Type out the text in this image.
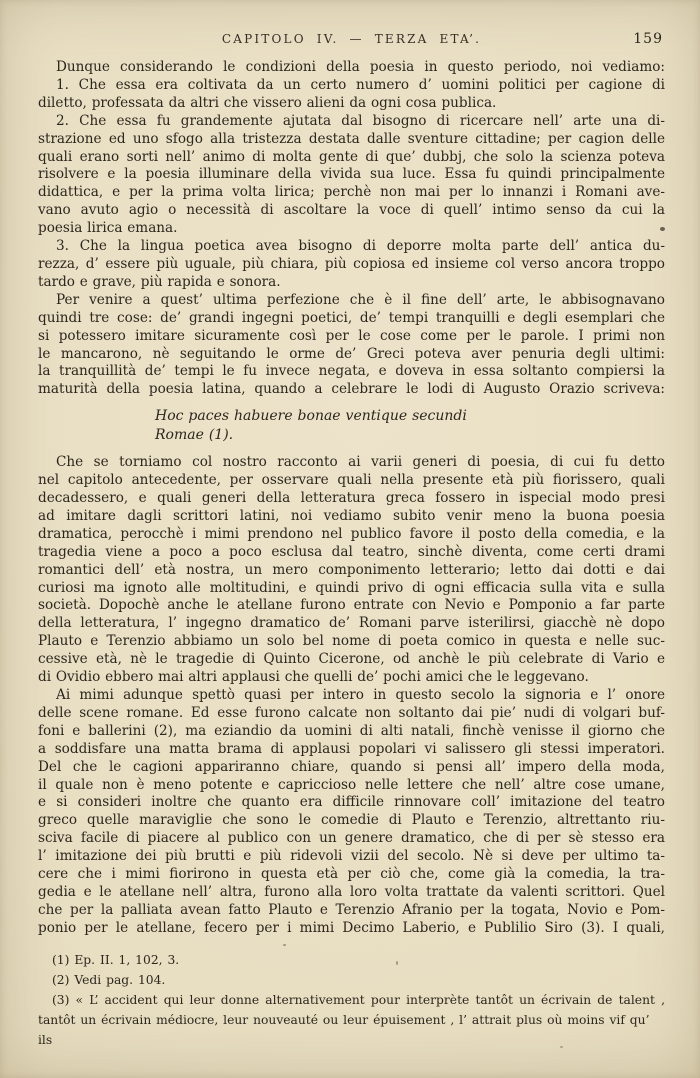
CAPITOLO IV. — TERZA ETA’.	159
Dunque considerando le condizioni della poesia in questo periodo, noi vediamo:
1. Che essa era coltivata da un certo numero d’ uomini politici per cagione di
diletto, professata da altri che vissero alieni da ogni cosa publica.
2. Che essa fu grandemente ajutata dal bisogno di ricercare nell’ arte una di-
strazione ed uno sfogo alla tristezza destata dalle sventure cittadine; per cagion delle
quali erano sorti nell’ animo di molta gente di que’ dubbj, che solo la scienza poteva
risolvere e la poesia illuminare della vivida sua luce. Essa fu quindi principalmente
didattica, e per la prima volta lirica; perchè non mai per lo innanzi i Romani ave-
vano avuto agio o necessità di ascoltare la voce di quell’ intimo senso da cui la
poesia lirica emana.
3. Che la lingua poetica avea bisogno di deporre molta parte dell’ antica du-
rezza, d’ essere più uguale, più chiara, più copiosa ed insieme col verso ancora troppo
tardo e grave, più rapida e sonora.
Per venire a quest’ ultima perfezione che è il fine dell’ arte, le abbisognavano
quindi tre cose: de’ grandi ingegni poetici, de’ tempi tranquilli e degli esemplari che
si potessero imitare sicuramente così per le cose come per le parole. I primi non
le mancarono, nè seguitando le orme de’ Greci poteva aver penuria degli ultimi:
la tranquillità de’ tempi le fu invece negata, e doveva in essa soltanto compiersi la
maturità della poesia latina, quando a celebrare le lodi di Augusto Orazio scriveva:
Hoc paces habuere bonae ventique secundi
Romae (1).
Che se torniamo col nostro racconto ai varii generi di poesia, di cui fu detto
nel capitolo antecedente, per osservare quali nella presente età più fiorissero, quali
decadessero, e quali generi della letteratura greca fossero in ispecial modo presi
ad imitare dagli scrittori latini, noi vediamo subito venir meno la buona poesia
dramatica, perocchè i mimi prendono nel publico favore il posto della comedia, e la
tragedia viene a poco a poco esclusa dal teatro, sinchè diventa, come certi drami
romantici dell’ età nostra, un mero componimento letterario; letto dai dotti e dai
curiosi ma ignoto alle moltitudini, e quindi privo di ogni efficacia sulla vita e sulla
società. Dopochè anche le atellane furono entrate con Nevio e Pomponio a far parte
della letteratura, l’ ingegno dramatico de’ Romani parve isterilirsi, giacchè nè dopo
Plauto e Terenzio abbiamo un solo bel nome di poeta comico in questa e nelle suc-
cessive età, nè le tragedie di Quinto Cicerone, od anchè le più celebrate di Vario e
di Ovidio ebbero mai altri applausi che quelli de’ pochi amici che le leggevano.
Ai mimi adunque spettò quasi per intero in questo secolo la signoria e l’ onore
delle scene romane. Ed esse furono calcate non soltanto dai pie’ nudi di volgari buf-
foni e ballerini (2), ma eziandio da uomini di alti natali, finchè venisse il giorno che
a soddisfare una matta brama di applausi popolari vi salissero gli stessi imperatori.
Del che le cagioni appariranno chiare, quando si pensi all’ impero della moda,
il quale non è meno potente e capriccioso nelle lettere che nell’ altre cose umane,
e si consideri inoltre che quanto era difficile rinnovare coll’ imitazione del teatro
greco quelle maraviglie che sono le comedie di Plauto e Terenzio, altrettanto riu-
sciva facile di piacere al publico con un genere dramatico, che di per sè stesso era
l’ imitazione dei più brutti e più ridevoli vizii del secolo. Nè si deve per ultimo ta-
cere che i mimi fiorirono in questa età per ciò che, come già la comedia, la tra-
gedia e le atellane nell’ altra, furono alla loro volta trattate da valenti scrittori. Quel
che per la palliata avean fatto Plauto e Terenzio Afranio per la togata, Novio e Pom-
ponio per le atellane, fecero per i mimi Decimo Laberio, e Publilio Siro (3). I quali,
(1) Ep. II. 1, 102, 3.
(2) Vedi pag. 104.
(3) « L’ accident qui leur donne alternativement pour interprète tantôt un écrivain de talent ,
tantôt un écrivain médiocre, leur nouveauté ou leur épuisement , l’ attrait plus où moins vif qu’ ils
